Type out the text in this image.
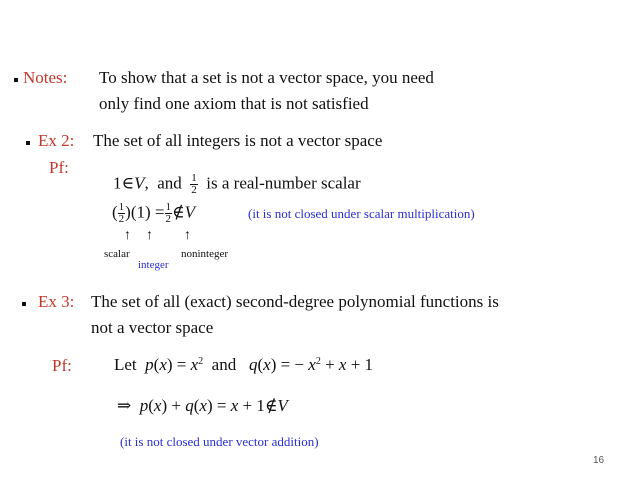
Notes: To show that a set is not a vector space, you need
only find one axiom that is not satisfied
Ex 2: The set of all integers is not a vector space
Pf:
1∈V, and $\frac{1}{2}$ is a real-number scalar
( $\frac{1}{2} )(1) = \frac{1}{2}$ ∉V	(it is not closed under scalar multiplication)
↑ ↑ ↑
scalar
integer
noninteger
Ex 3: The set of all (exact) second-degree polynomial functions is
not a vector space
Pf: Let $p(x) = x^2$ and q(x) = − $x^2 + x + 1$
⇒ p(x) + q(x) = x + 1∉V
(it is not closed under vector addition)
16
